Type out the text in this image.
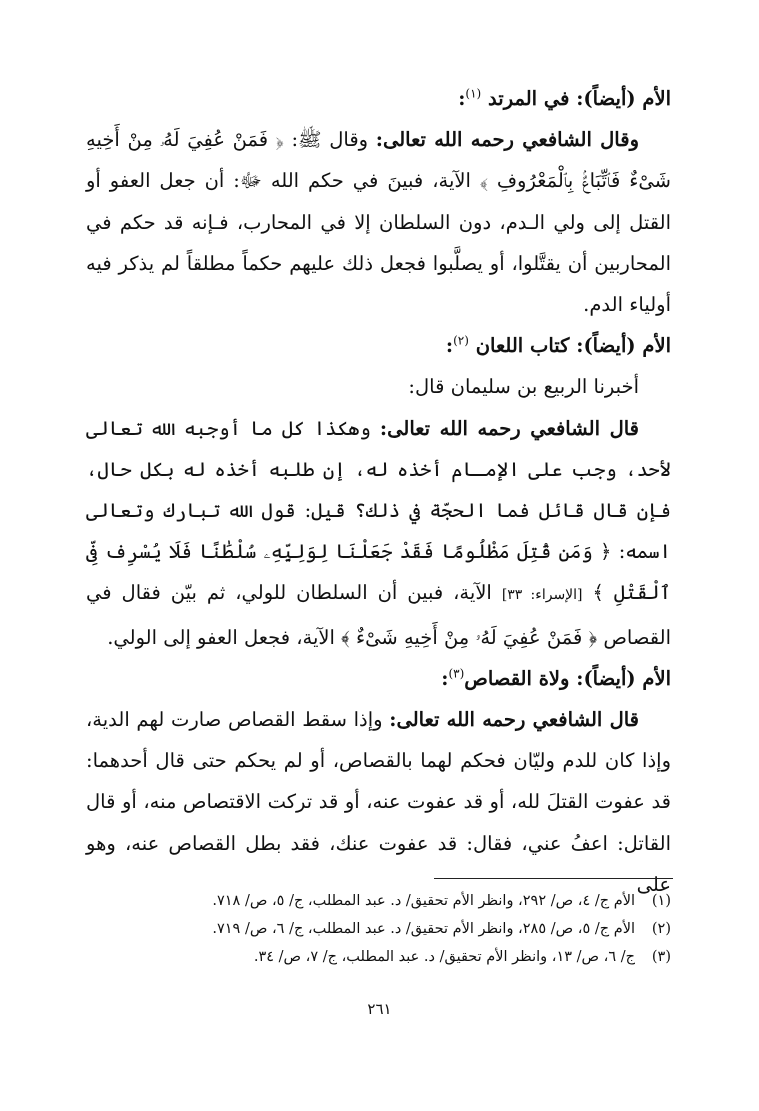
الأم (أيضاً): في المرتد $^{(١)}$:

وقال الشافعي رحمه الله تعالى: وقال ﷺ: ﴿ فَمَنْ عُفِيَ لَهُۥ مِنْ أَخِيهِ شَىْءٌ فَٱتِّبَاعٌۢ بِٱلْمَعْرُوفِ ﴾ الآية، فبينَ في حكم الله ﷻ: أن جعل العفو أو القتل إلى ولي الـدم، دون السلطان إلا في المحارب، فـإنه قد حكم في المحاربين أن يقتَّلوا، أو يصلَّبوا فجعل ذلك عليهم حكماً مطلقاً لم يذكر فيه أولياء الدم.

الأم (أيضاً): كتاب اللعان $^{(٢)}$:

أخبرنا الربيع بن سليمان قال:

قال الشافعي رحمه الله تعالى: وهكذا كل ما أوجبه الله تعالى لأحد، وجب على الإمـام أخذه له، إن طلبه أخذه له بكل حال، فإن قال قائل فما الحجّة في ذلك؟ قيل: قول الله تبارك وتعالى اسمه: ﴿ وَمَن قُتِلَ مَظْلُومًا فَقَدْ جَعَلْنَا لِوَلِيِّهِۦ سُلْطَٰنًا فَلَا يُسْرِف فِّى ٱلْقَتْلِ ﴾ [الإسراء: ٣٣] الآية، فبين أن السلطان للولي، ثم بيّن فقال في القصاص ﴿ فَمَنْ عُفِيَ لَهُۥ مِنْ أَخِيهِ شَىْءٌ ﴾ الآية، فجعل العفو إلى الولي.

الأم (أيضاً): ولاة القصاص$^{(٣)}$:

قال الشافعي رحمه الله تعالى: وإذا سقط القصاص صارت لهم الدية، وإذا كان للدم وليّان فحكم لهما بالقصاص، أو لم يحكم حتى قال أحدهما: قد عفوت القتلَ لله، أو قد عفوت عنه، أو قد تركت الاقتصاص منه، أو قال القاتل: اعفُ عني، فقال: قد عفوت عنك، فقد بطل القصاص عنه، وهو على

(١)
الأم ج/ ٤، ص/ ٢٩٢، وانظر الأم تحقيق/ د. عبد المطلب، ج/ ٥، ص/ ٧١٨.
(٢)
الأم ج/ ٥، ص/ ٢٨٥، وانظر الأم تحقيق/ د. عبد المطلب، ج/ ٦، ص/ ٧١٩.
(٣)
ج/ ٦، ص/ ١٣، وانظر الأم تحقيق/ د. عبد المطلب، ج/ ٧، ص/ ٣٤.
٢٦١
